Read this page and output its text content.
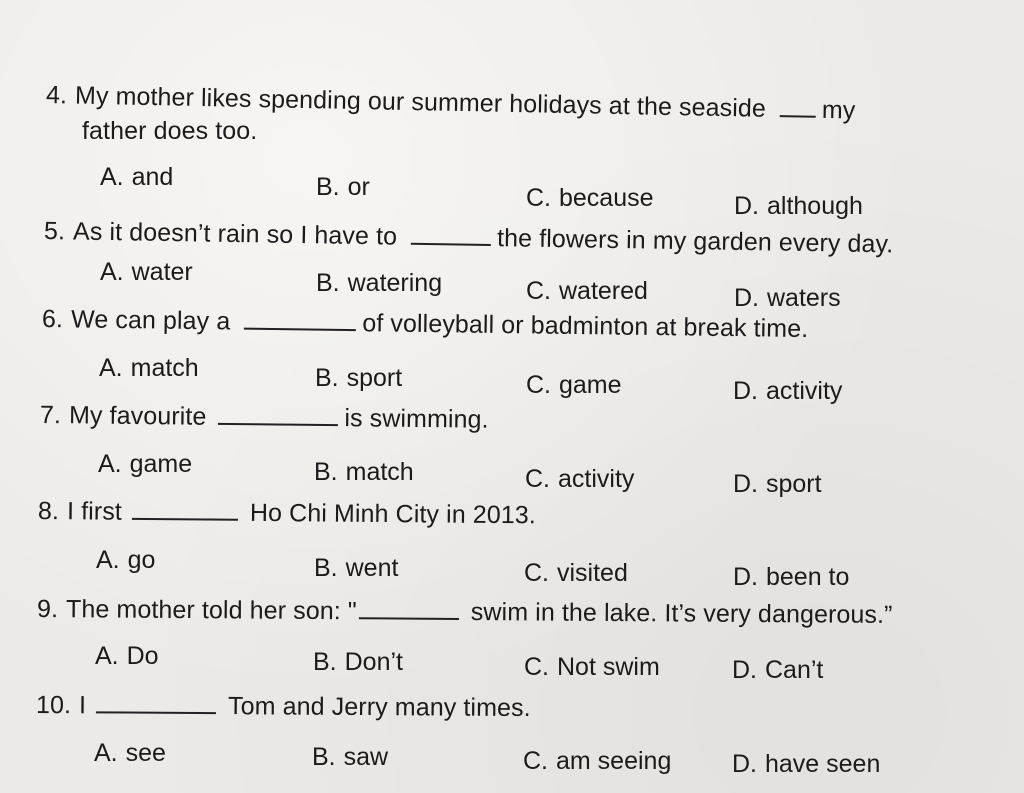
4. My mother likes spending our summer holidays at the seaside my
father does too.
A. and	B. or	C. because	D. although
5. As it doesn’t rain so I have to	the flowers in my garden every day.
A. water	B. watering	C. watered	D. waters
6. We can play a	of volleyball or badminton at break time.
A. match	B. sport	C. game	D. activity
7. My favourite	is swimming.
A. game	B. match	C. activity	D. sport
8. I first	Ho Chi Minh City in 2013.
A. go	B. went	C. visited	D. been to
9. The mother told her son: "	swim in the lake. It’s very dangerous.”
A. Do	B. Don’t	C. Not swim	D. Can’t
10. I	Tom and Jerry many times.
A. see	B. saw	C. am seeing D. have seen
